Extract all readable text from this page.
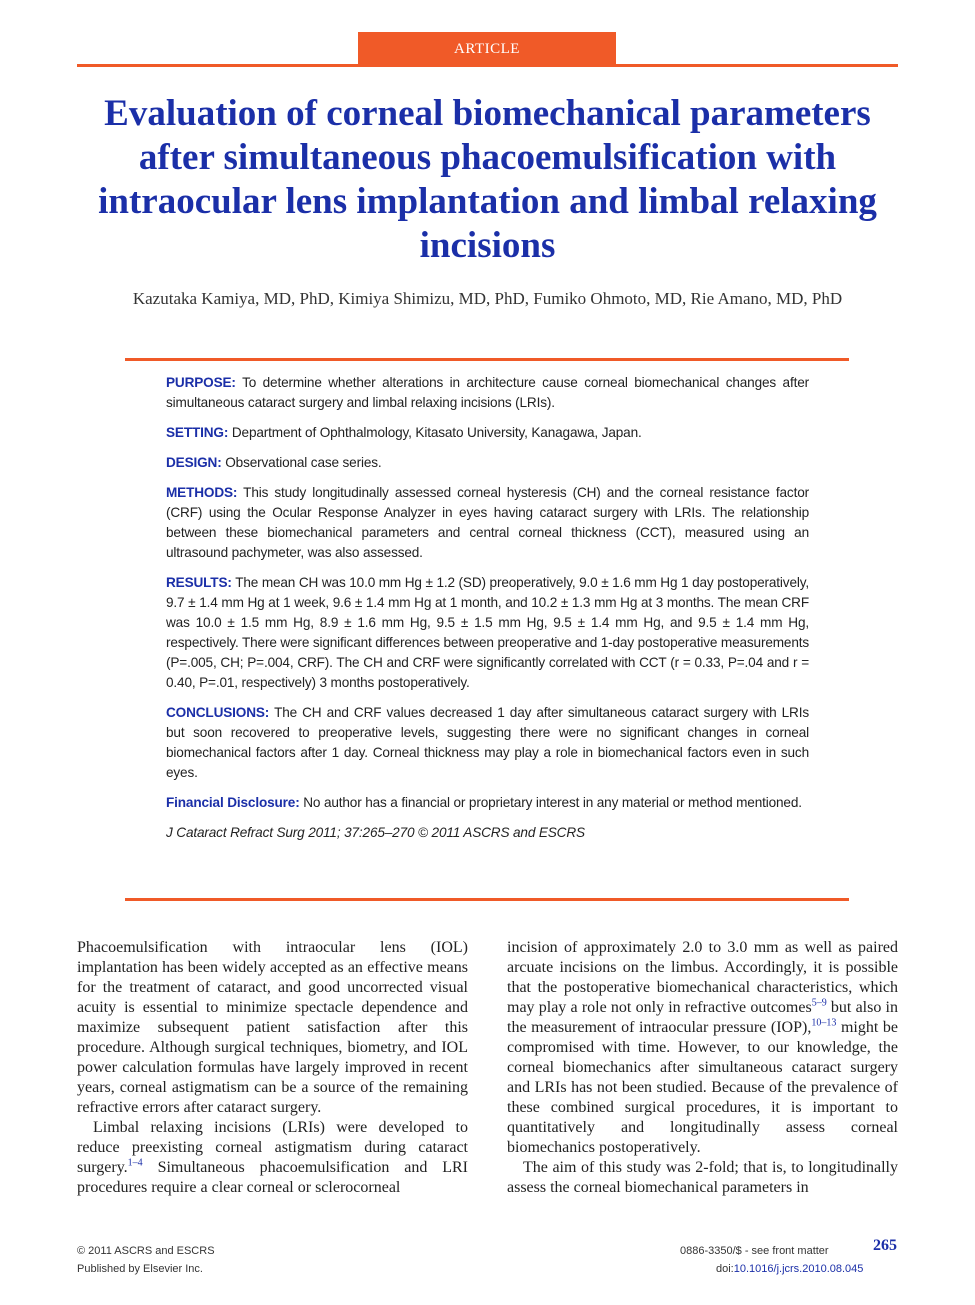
ARTICLE
Evaluation of corneal biomechanical parameters after simultaneous phacoemulsification with intraocular lens implantation and limbal relaxing incisions
Kazutaka Kamiya, MD, PhD, Kimiya Shimizu, MD, PhD, Fumiko Ohmoto, MD, Rie Amano, MD, PhD

PURPOSE: To determine whether alterations in architecture cause corneal biomechanical changes after simultaneous cataract surgery and limbal relaxing incisions (LRIs).

SETTING: Department of Ophthalmology, Kitasato University, Kanagawa, Japan.

DESIGN: Observational case series.

METHODS: This study longitudinally assessed corneal hysteresis (CH) and the corneal resistance factor (CRF) using the Ocular Response Analyzer in eyes having cataract surgery with LRIs. The relationship between these biomechanical parameters and central corneal thickness (CCT), measured using an ultrasound pachymeter, was also assessed.

RESULTS: The mean CH was 10.0 mm Hg ± 1.2 (SD) preoperatively, 9.0 ± 1.6 mm Hg 1 day postoperatively, 9.7 ± 1.4 mm Hg at 1 week, 9.6 ± 1.4 mm Hg at 1 month, and 10.2 ± 1.3 mm Hg at 3 months. The mean CRF was 10.0 ± 1.5 mm Hg, 8.9 ± 1.6 mm Hg, 9.5 ± 1.5 mm Hg, 9.5 ± 1.4 mm Hg, and 9.5 ± 1.4 mm Hg, respectively. There were significant differences between preoperative and 1-day postoperative measurements (P=.005, CH; P=.004, CRF). The CH and CRF were significantly correlated with CCT (r = 0.33, P=.04 and r = 0.40, P=.01, respectively) 3 months postoperatively.

CONCLUSIONS: The CH and CRF values decreased 1 day after simultaneous cataract surgery with LRIs but soon recovered to preoperative levels, suggesting there were no significant changes in corneal biomechanical factors after 1 day. Corneal thickness may play a role in biomechanical factors even in such eyes.

Financial Disclosure: No author has a financial or proprietary interest in any material or method mentioned.

J Cataract Refract Surg 2011; 37:265–270 © 2011 ASCRS and ESCRS

Phacoemulsification with intraocular lens (IOL) implantation has been widely accepted as an effective means for the treatment of cataract, and good uncorrected visual acuity is essential to minimize spectacle dependence and maximize subsequent patient satisfaction after this procedure. Although surgical techniques, biometry, and IOL power calculation formulas have largely improved in recent years, corneal astigmatism can be a source of the remaining refractive errors after cataract surgery.

Limbal relaxing incisions (LRIs) were developed to reduce preexisting corneal astigmatism during cataract surgery.$^{1-4}$ Simultaneous phacoemulsification and LRI procedures require a clear corneal or sclerocorneal

incision of approximately 2.0 to 3.0 mm as well as paired arcuate incisions on the limbus. Accordingly, it is possible that the postoperative biomechanical characteristics, which may play a role not only in refractive outcomes$^{5-9}$ but also in the measurement of intraocular pressure (IOP),$^{10-13}$ might be compromised with time. However, to our knowledge, the corneal biomechanics after simultaneous cataract surgery and LRIs has not been studied. Because of the prevalence of these combined surgical procedures, it is important to quantitatively and longitudinally assess corneal biomechanics postoperatively.

The aim of this study was 2-fold; that is, to longitudinally assess the corneal biomechanical parameters in

© 2011 ASCRS and ESCRS
Published by Elsevier Inc.
0886-3350/$ - see front matter
doi:10.1016/j.jcrs.2010.08.045
265
